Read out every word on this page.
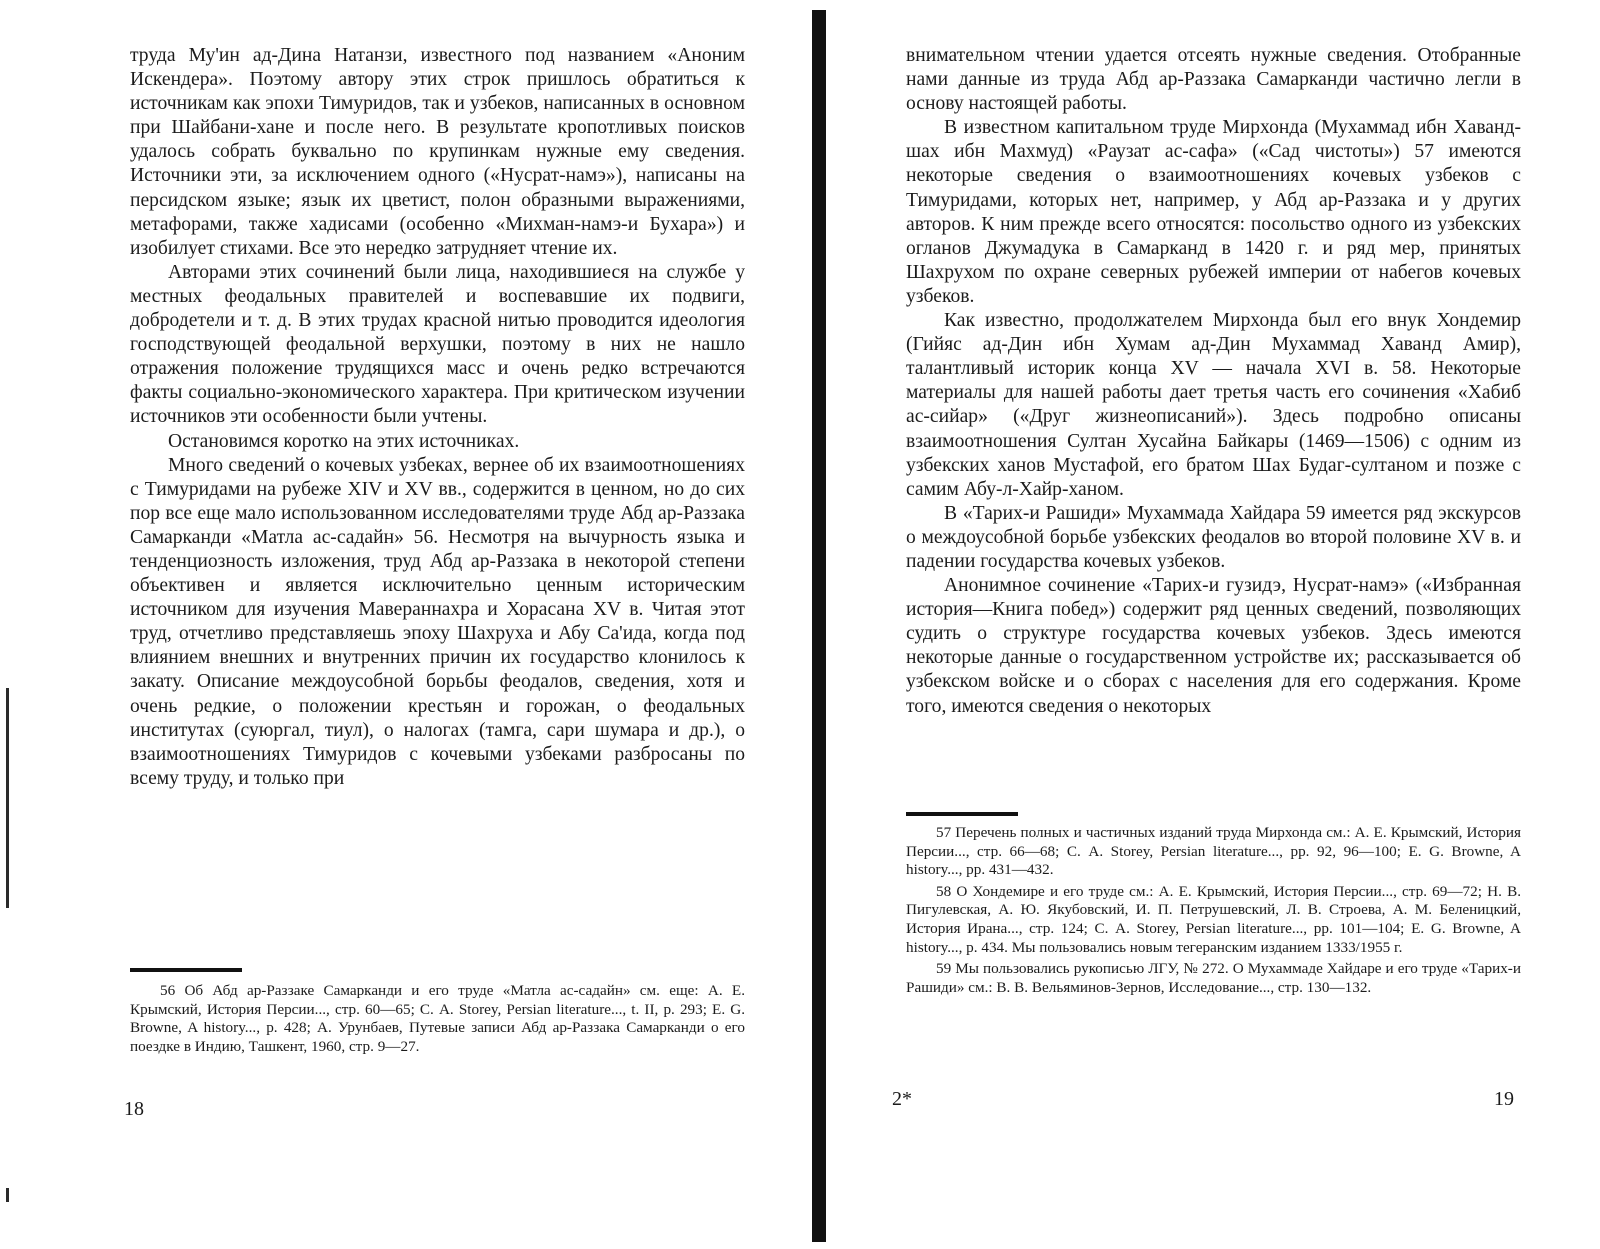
труда Му'ин ад-Дина Натанзи, известного под названием «Аноним Искендера». Поэтому автору этих строк пришлось обратиться к источникам как эпохи Тимуридов, так и узбеков, написанных в основном при Шайбани-хане и после него. В результате кропотливых поисков удалось собрать буквально по крупинкам нужные ему сведения. Источники эти, за исключением одного («Нусрат-намэ»), написаны на персидском языке; язык их цветист, полон образными выражениями, метафорами, также хадисами (особенно «Михман-намэ-и Бухара») и изобилует стихами. Все это нередко затрудняет чтение их.

Авторами этих сочинений были лица, находившиеся на службе у местных феодальных правителей и воспевавшие их подвиги, добродетели и т. д. В этих трудах красной нитью проводится идеология господствующей феодальной верхушки, поэтому в них не нашло отражения положение трудящихся масс и очень редко встречаются факты социально-экономического характера. При критическом изучении источников эти особенности были учтены.

Остановимся коротко на этих источниках.

Много сведений о кочевых узбеках, вернее об их взаимоотношениях с Тимуридами на рубеже XIV и XV вв., содержится в ценном, но до сих пор все еще мало использованном исследователями труде Абд ар-Раззака Самарканди «Матла ас-садайн» 56. Несмотря на вычурность языка и тенденциозность изложения, труд Абд ар-Раззака в некоторой степени объективен и является исключительно ценным историческим источником для изучения Мавераннахра и Хорасана XV в. Читая этот труд, отчетливо представляешь эпоху Шахруха и Абу Са'ида, когда под влиянием внешних и внутренних причин их государство клонилось к закату. Описание междоусобной борьбы феодалов, сведения, хотя и очень редкие, о положении крестьян и горожан, о феодальных институтах (суюргал, тиул), о налогах (тамга, сари шумара и др.), о взаимоотношениях Тимуридов с кочевыми узбеками разбросаны по всему труду, и только при

56 Об Абд ар-Раззаке Самарканди и его труде «Матла ас-садайн» см. еще: А. Е. Крымский, История Персии..., стр. 60—65; С. А. Storey, Persian literature..., t. II, p. 293; E. G. Browne, A history..., p. 428; А. Урунбаев, Путевые записи Абд ар-Раззака Самарканди о его поездке в Индию, Ташкент, 1960, стр. 9—27.

18

внимательном чтении удается отсеять нужные сведения. Отобранные нами данные из труда Абд ар-Раззака Самарканди частично легли в основу настоящей работы.

В известном капитальном труде Мирхонда (Мухаммад ибн Хаванд-шах ибн Махмуд) «Раузат ас-сафа» («Сад чистоты») 57 имеются некоторые сведения о взаимоотношениях кочевых узбеков с Тимуридами, которых нет, например, у Абд ар-Раззака и у других авторов. К ним прежде всего относятся: посольство одного из узбекских огланов Джумадука в Самарканд в 1420 г. и ряд мер, принятых Шахрухом по охране северных рубежей империи от набегов кочевых узбеков.

Как известно, продолжателем Мирхонда был его внук Хондемир (Гийяс ад-Дин ибн Хумам ад-Дин Мухаммад Хаванд Амир), талантливый историк конца XV — начала XVI в. 58. Некоторые материалы для нашей работы дает третья часть его сочинения «Хабиб ас-сийар» («Друг жизнеописаний»). Здесь подробно описаны взаимоотношения Султан Хусайна Байкары (1469—1506) с одним из узбекских ханов Мустафой, его братом Шах Будаг-султаном и позже с самим Абу-л-Хайр-ханом.

В «Тарих-и Рашиди» Мухаммада Хайдара 59 имеется ряд экскурсов о междоусобной борьбе узбекских феодалов во второй половине XV в. и падении государства кочевых узбеков.

Анонимное сочинение «Тарих-и гузидэ, Нусрат-намэ» («Избранная история—Книга побед») содержит ряд ценных сведений, позволяющих судить о структуре государства кочевых узбеков. Здесь имеются некоторые данные о государственном устройстве их; рассказывается об узбекском войске и о сборах с населения для его содержания. Кроме того, имеются сведения о некоторых

57 Перечень полных и частичных изданий труда Мирхонда см.: А. Е. Крымский, История Персии..., стр. 66—68; С. А. Storey, Persian literature..., pp. 92, 96—100; E. G. Browne, A history..., pp. 431—432.

58 О Хондемире и его труде см.: А. Е. Крымский, История Персии..., стр. 69—72; Н. В. Пигулевская, А. Ю. Якубовский, И. П. Петрушевский, Л. В. Строева, А. М. Беленицкий, История Ирана..., стр. 124; С. А. Storey, Persian literature..., pp. 101—104; E. G. Browne, A history..., p. 434. Мы пользовались новым тегеранским изданием 1333/1955 г.

59 Мы пользовались рукописью ЛГУ, № 272. О Мухаммаде Хайдаре и его труде «Тарих-и Рашиди» см.: В. В. Вельяминов-Зернов, Исследование..., стр. 130—132.

2*	19
